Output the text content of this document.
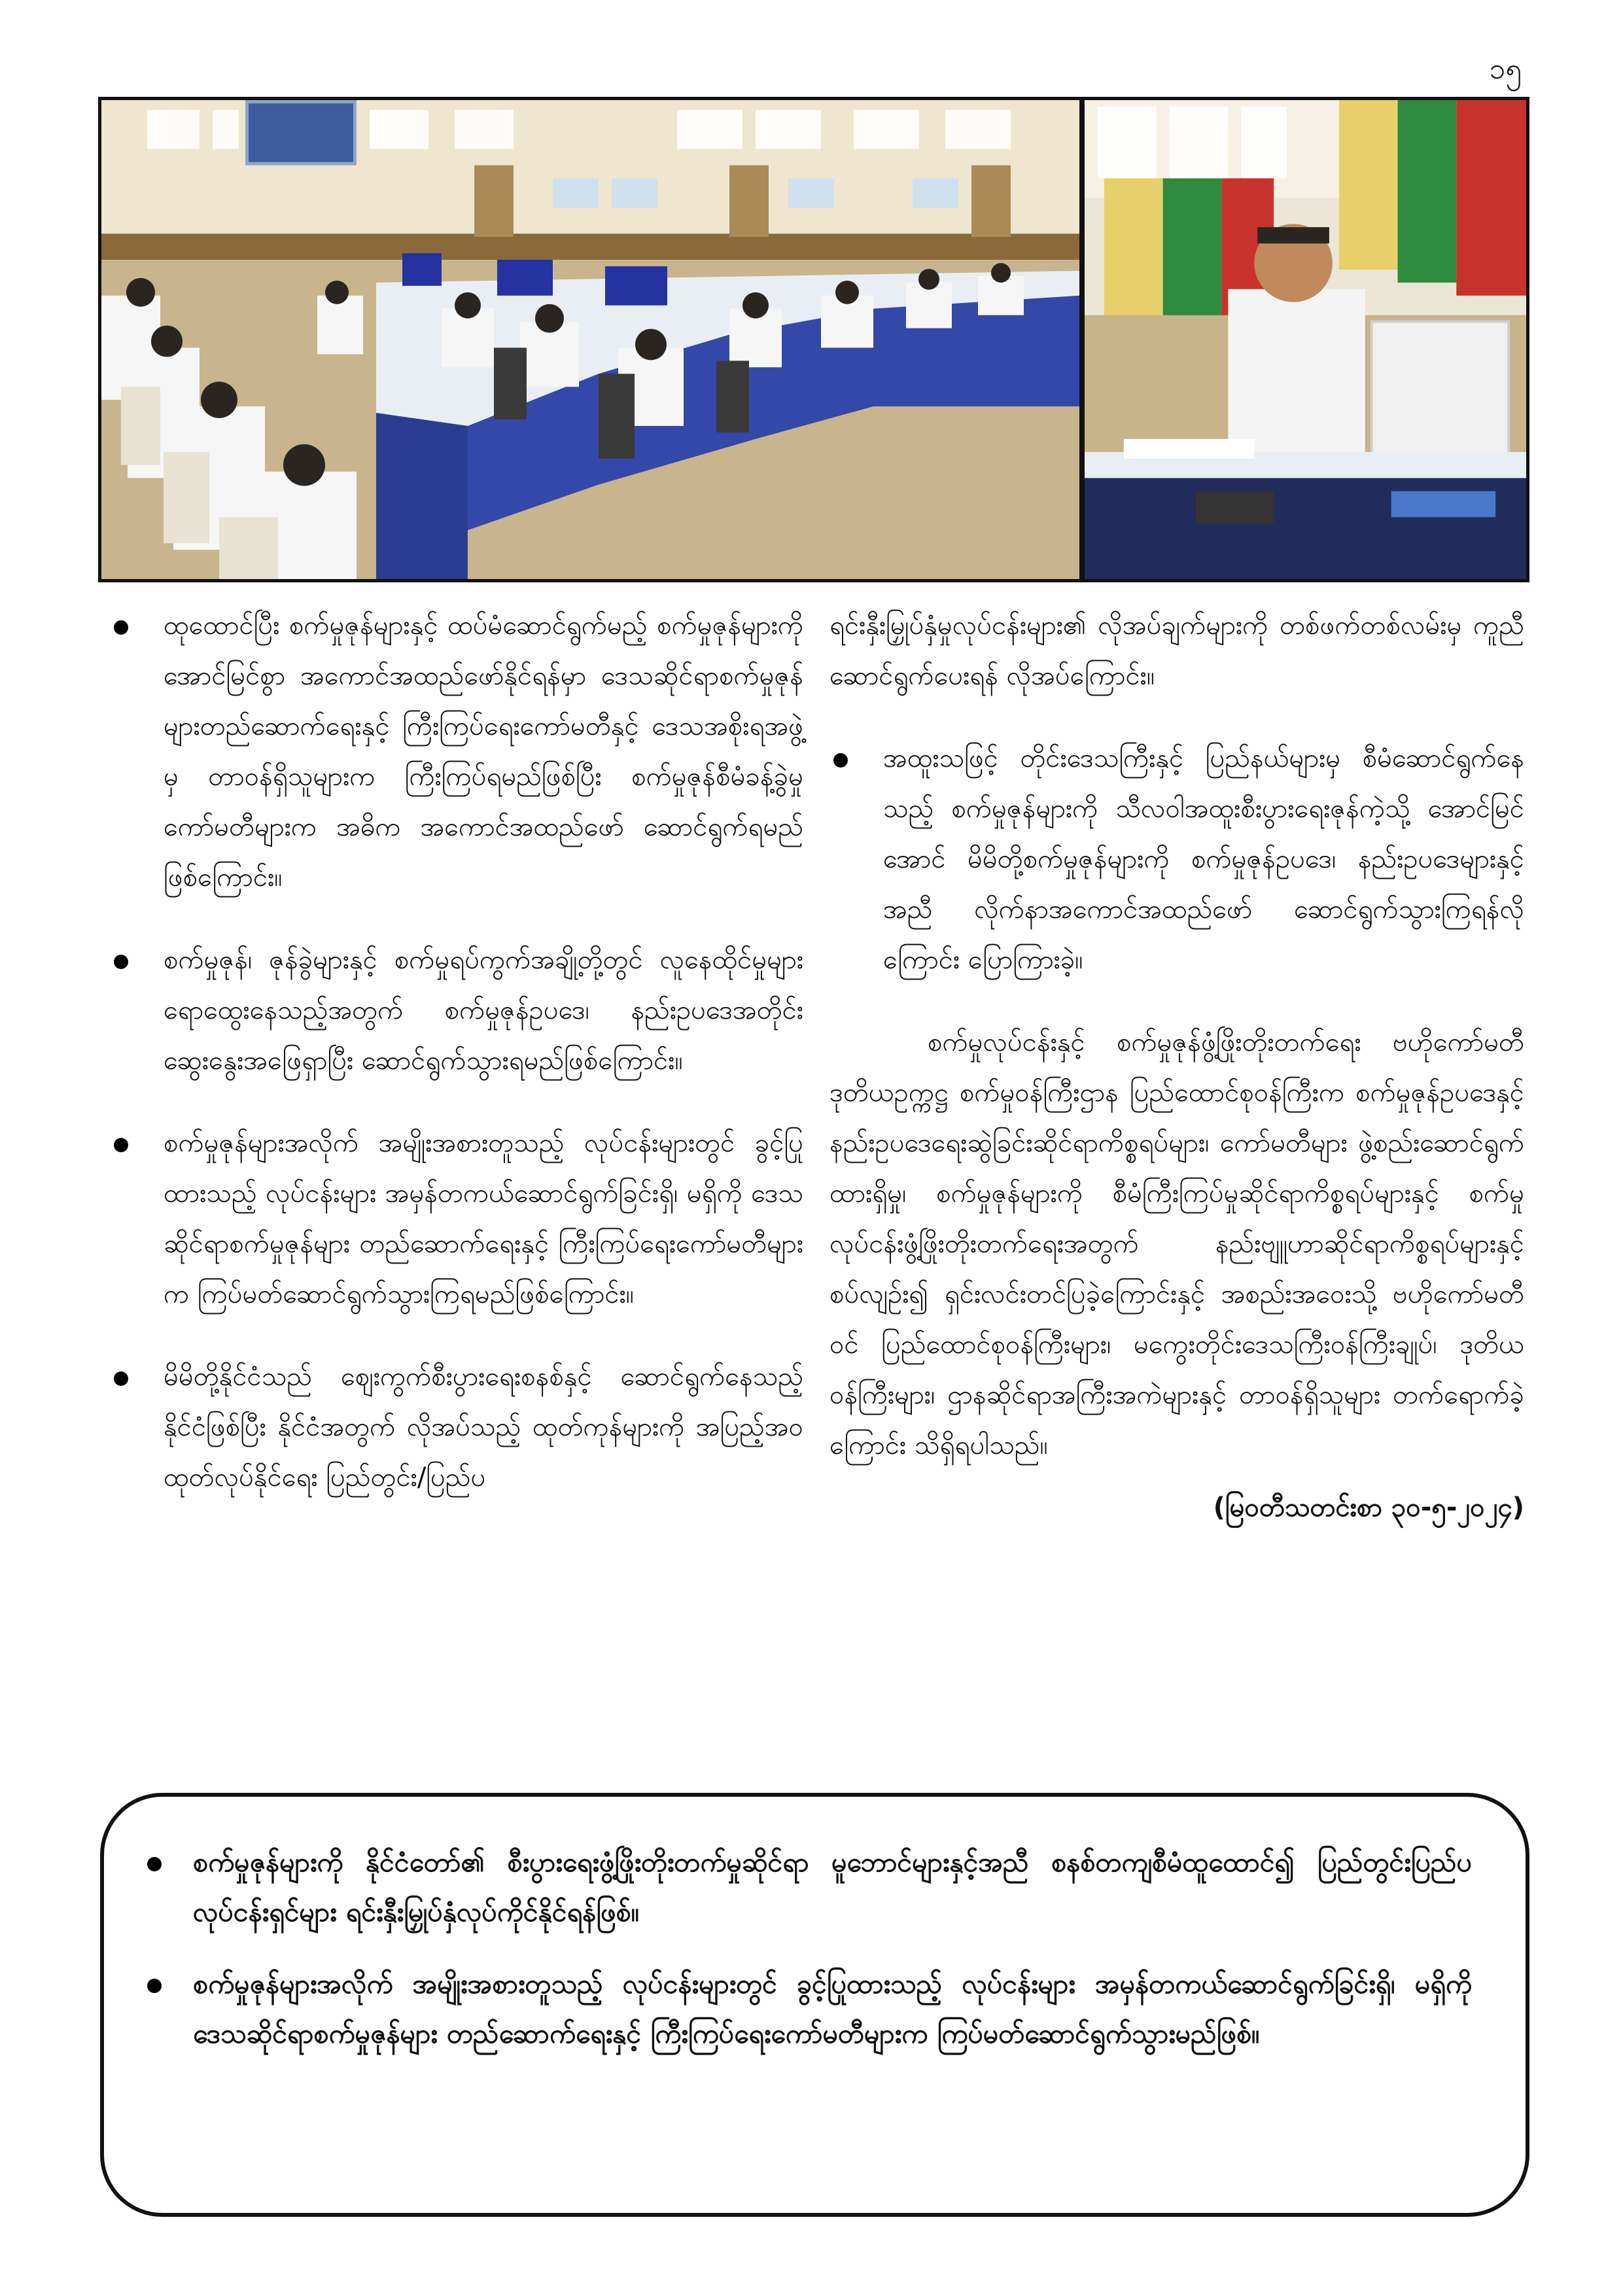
၁၅
ထုထောင်ပြီး စက်မှုဇုန်များနှင့် ထပ်မံဆောင်ရွက်မည့် စက်မှုဇုန်များကို အောင်မြင်စွာ အကောင်အထည်ဖော်နိုင်ရန်မှာ ဒေသဆိုင်ရာစက်မှုဇုန်များတည်ဆောက်ရေးနှင့် ကြီးကြပ်ရေးကော်မတီနှင့် ဒေသအစိုးရအဖွဲ့မှ တာဝန်ရှိသူများက ကြီးကြပ်ရမည်ဖြစ်ပြီး စက်မှုဇုန်စီမံခန့်ခွဲမှုကော်မတီများက အဓိက အကောင်အထည်ဖော် ဆောင်ရွက်ရမည်ဖြစ်ကြောင်း။
စက်မှုဇုန်၊ ဇုန်ခွဲများနှင့် စက်မှုရပ်ကွက်အချို့တို့တွင် လူနေထိုင်မှုများ ရောထွေးနေသည့်အတွက် စက်မှုဇုန်ဥပဒေ၊ နည်းဥပဒေအတိုင်း ဆွေးနွေးအဖြေရှာပြီး ဆောင်ရွက်သွားရမည်ဖြစ်ကြောင်း။
စက်မှုဇုန်များအလိုက် အမျိုးအစားတူသည့် လုပ်ငန်းများတွင် ခွင့်ပြုထားသည့် လုပ်ငန်းများ အမှန်တကယ်ဆောင်ရွက်ခြင်းရှိ၊ မရှိကို ဒေသဆိုင်ရာစက်မှုဇုန်များ တည်ဆောက်ရေးနှင့် ကြီးကြပ်ရေးကော်မတီများက ကြပ်မတ်ဆောင်ရွက်သွားကြရမည်ဖြစ်ကြောင်း။
မိမိတို့နိုင်ငံသည် ဈေးကွက်စီးပွားရေးစနစ်နှင့် ဆောင်ရွက်နေသည့် နိုင်ငံဖြစ်ပြီး နိုင်ငံအတွက် လိုအပ်သည့် ထုတ်ကုန်များကို အပြည့်အဝထုတ်လုပ်နိုင်ရေး ပြည်တွင်း/ပြည်ပ
ရင်းနှီးမြှုပ်နှံမှုလုပ်ငန်းများ၏ လိုအပ်ချက်များကို တစ်ဖက်တစ်လမ်းမှ ကူညီဆောင်ရွက်ပေးရန် လိုအပ်ကြောင်း။
အထူးသဖြင့် တိုင်းဒေသကြီးနှင့် ပြည်နယ်များမှ စီမံဆောင်ရွက်နေသည့် စက်မှုဇုန်များကို သီလဝါအထူးစီးပွားရေးဇုန်ကဲ့သို့ အောင်မြင်အောင် မိမိတို့စက်မှုဇုန်များကို စက်မှုဇုန်ဥပဒေ၊ နည်းဥပဒေများနှင့်အညီ လိုက်နာအကောင်အထည်ဖော် ဆောင်ရွက်သွားကြရန်လိုကြောင်း ပြောကြားခဲ့။

စက်မှုလုပ်ငန်းနှင့် စက်မှုဇုန်ဖွံ့ဖြိုးတိုးတက်ရေး ဗဟိုကော်မတီ ဒုတိယဥက္ကဋ္ဌ စက်မှုဝန်ကြီးဌာန ပြည်ထောင်စုဝန်ကြီးက စက်မှုဇုန်ဥပဒေနှင့် နည်းဥပဒေရေးဆွဲခြင်းဆိုင်ရာကိစ္စရပ်များ၊ ကော်မတီများ ဖွဲ့စည်းဆောင်ရွက်ထားရှိမှု၊ စက်မှုဇုန်များကို စီမံကြီးကြပ်မှုဆိုင်ရာကိစ္စရပ်များနှင့် စက်မှုလုပ်ငန်းဖွံ့ဖြိုးတိုးတက်ရေးအတွက် နည်းဗျူဟာဆိုင်ရာကိစ္စရပ်များနှင့်စပ်လျဉ်း၍ ရှင်းလင်းတင်ပြခဲ့ကြောင်းနှင့် အစည်းအဝေးသို့ ဗဟိုကော်မတီဝင် ပြည်ထောင်စုဝန်ကြီးများ၊ မကွေးတိုင်းဒေသကြီးဝန်ကြီးချုပ်၊ ဒုတိယဝန်ကြီးများ၊ ဌာနဆိုင်ရာအကြီးအကဲများနှင့် တာဝန်ရှိသူများ တက်ရောက်ခဲ့ကြောင်း သိရှိရပါသည်။

(မြဝတီသတင်းစာ ၃၀-၅-၂၀၂၄)
စက်မှုဇုန်များကို နိုင်ငံတော်၏ စီးပွားရေးဖွံ့ဖြိုးတိုးတက်မှုဆိုင်ရာ မူဘောင်များနှင့်အညီ စနစ်တကျစီမံထူထောင်၍ ပြည်တွင်းပြည်ပလုပ်ငန်းရှင်များ ရင်းနှီးမြှုပ်နှံလုပ်ကိုင်နိုင်ရန်ဖြစ်။
စက်မှုဇုန်များအလိုက် အမျိုးအစားတူသည့် လုပ်ငန်းများတွင် ခွင့်ပြုထားသည့် လုပ်ငန်းများ အမှန်တကယ်ဆောင်ရွက်ခြင်းရှိ၊ မရှိကို ဒေသဆိုင်ရာစက်မှုဇုန်များ တည်ဆောက်ရေးနှင့် ကြီးကြပ်ရေးကော်မတီများက ကြပ်မတ်ဆောင်ရွက်သွားမည်ဖြစ်။
